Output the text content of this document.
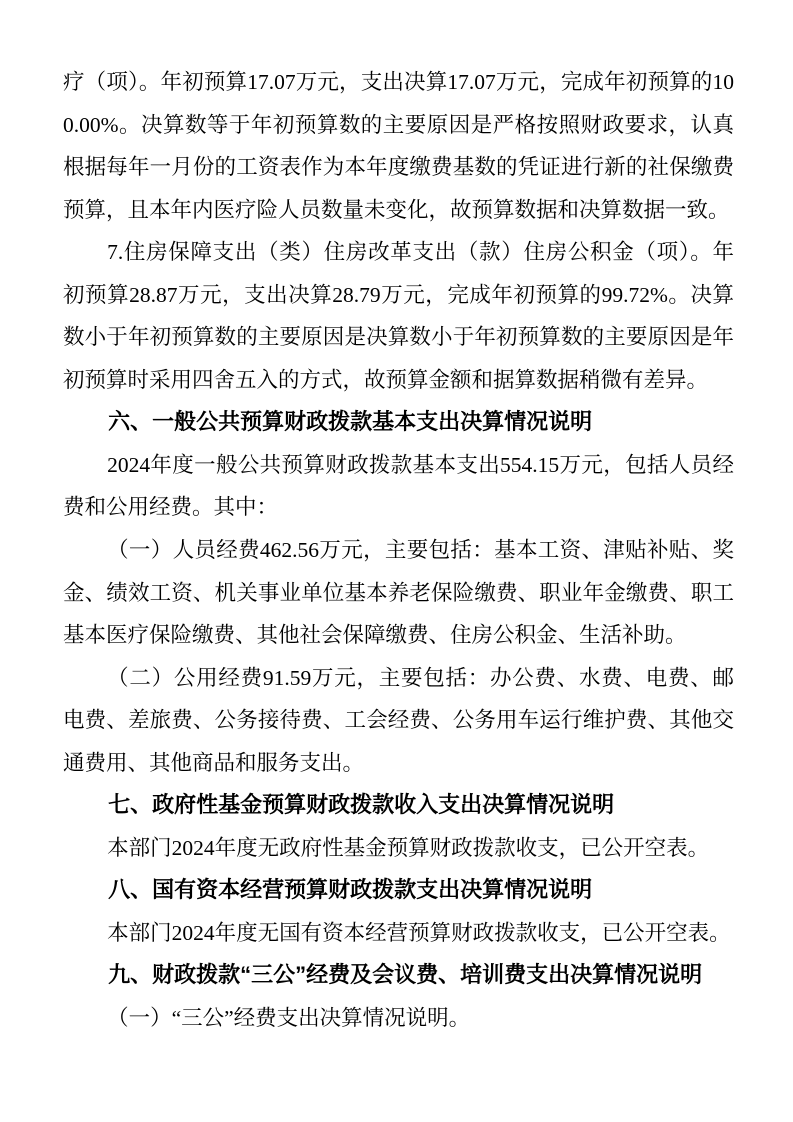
疗（项）。年初预算17.07万元，支出决算17.07万元，完成年初预算的100.00%。决算数等于年初预算数的主要原因是严格按照财政要求，认真根据每年一月份的工资表作为本年度缴费基数的凭证进行新的社保缴费预算，且本年内医疗险人员数量未变化，故预算数据和决算数据一致。

7.住房保障支出（类）住房改革支出（款）住房公积金（项）。年初预算28.87万元，支出决算28.79万元，完成年初预算的99.72%。决算数小于年初预算数的主要原因是决算数小于年初预算数的主要原因是年初预算时采用四舍五入的方式，故预算金额和据算数据稍微有差异。

六、一般公共预算财政拨款基本支出决算情况说明

2024年度一般公共预算财政拨款基本支出554.15万元，包括人员经费和公用经费。其中：

（一）人员经费462.56万元，主要包括：基本工资、津贴补贴、奖金、绩效工资、机关事业单位基本养老保险缴费、职业年金缴费、职工基本医疗保险缴费、其他社会保障缴费、住房公积金、生活补助。

（二）公用经费91.59万元，主要包括：办公费、水费、电费、邮电费、差旅费、公务接待费、工会经费、公务用车运行维护费、其他交通费用、其他商品和服务支出。

七、政府性基金预算财政拨款收入支出决算情况说明

本部门2024年度无政府性基金预算财政拨款收支，已公开空表。

八、国有资本经营预算财政拨款支出决算情况说明

本部门2024年度无国有资本经营预算财政拨款收支，已公开空表。

九、财政拨款“三公”经费及会议费、培训费支出决算情况说明

（一）“三公”经费支出决算情况说明。
